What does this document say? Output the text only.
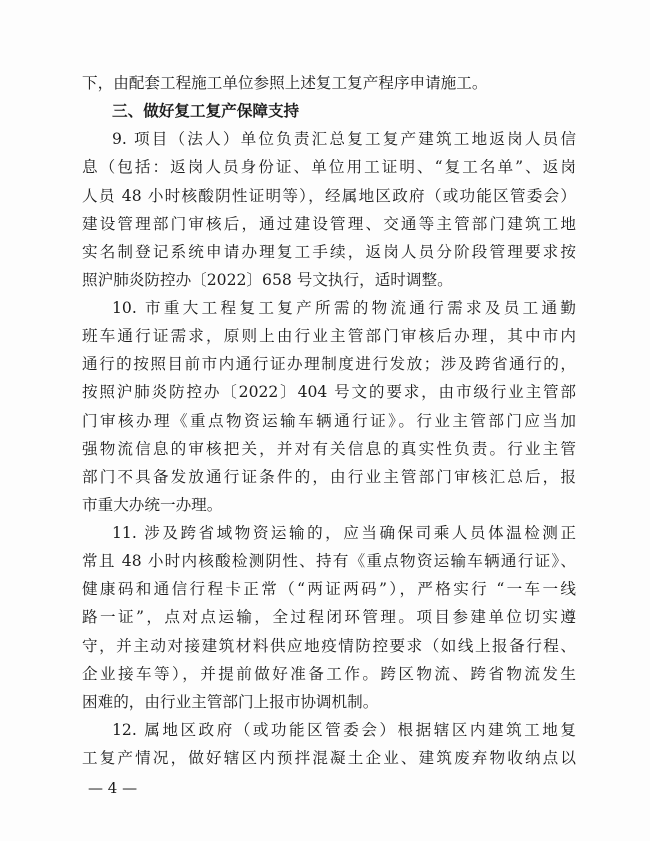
下，由配套工程施工单位参照上述复工复产程序申请施工。
三、做好复工复产保障支持
9. 项目（法人）单位负责汇总复工复产建筑工地返岗人员信
息（包括：返岗人员身份证、单位用工证明、“复工名单”、返岗
人员 48 小时核酸阴性证明等），经属地区政府（或功能区管委会）
建设管理部门审核后，通过建设管理、交通等主管部门建筑工地
实名制登记系统申请办理复工手续，返岗人员分阶段管理要求按
照沪肺炎防控办〔2022〕658 号文执行，适时调整。
10. 市重大工程复工复产所需的物流通行需求及员工通勤
班车通行证需求，原则上由行业主管部门审核后办理，其中市内
通行的按照目前市内通行证办理制度进行发放；涉及跨省通行的，
按照沪肺炎防控办〔2022〕404 号文的要求，由市级行业主管部
门审核办理《重点物资运输车辆通行证》。行业主管部门应当加
强物流信息的审核把关，并对有关信息的真实性负责。行业主管
部门不具备发放通行证条件的，由行业主管部门审核汇总后，报
市重大办统一办理。
11. 涉及跨省域物资运输的，应当确保司乘人员体温检测正
常且 48 小时内核酸检测阴性、持有《重点物资运输车辆通行证》、
健康码和通信行程卡正常（“两证两码”），严格实行 “一车一线
路一证”，点对点运输，全过程闭环管理。项目参建单位切实遵
守，并主动对接建筑材料供应地疫情防控要求（如线上报备行程、
企业接车等），并提前做好准备工作。跨区物流、跨省物流发生
困难的，由行业主管部门上报市协调机制。
12. 属地区政府（或功能区管委会）根据辖区内建筑工地复
工复产情况，做好辖区内预拌混凝土企业、建筑废弃物收纳点以
— 4 —
